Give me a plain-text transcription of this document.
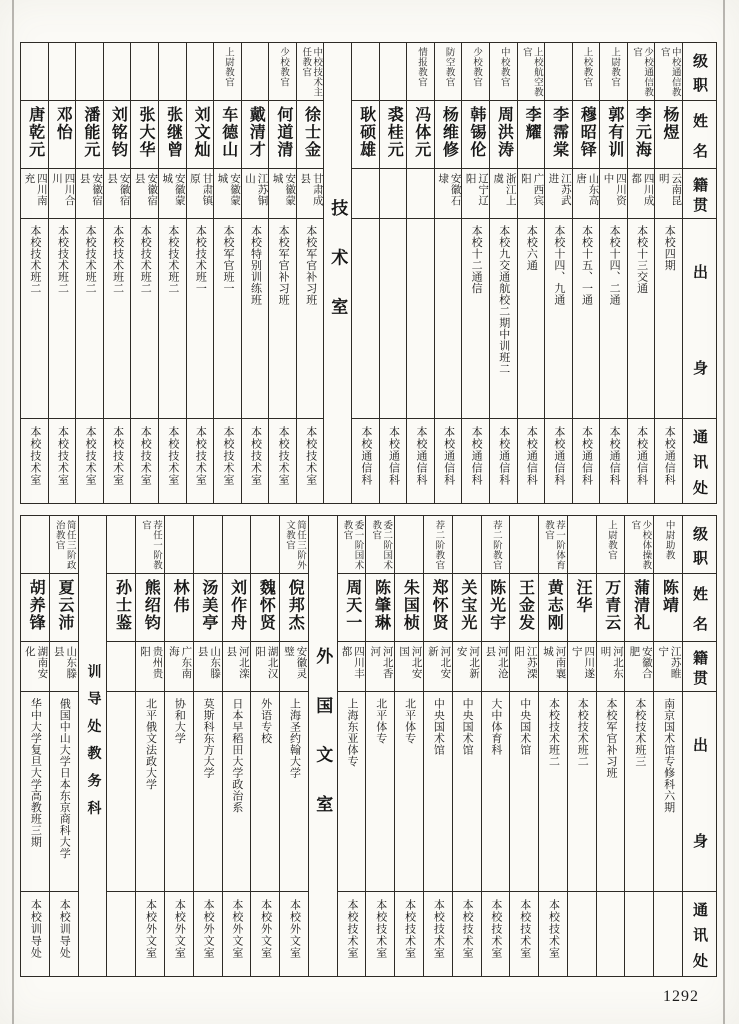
级
职
姓
名
籍
贯
出
身
通
讯
处
中校通信教官
杨煜
云南昆明
本校四期
本校通信科
少校通信教官
李元海
四川成都
本校十三交通
本校通信科
上尉教官
郭有训
四川资中
本校十四、二通
本校通信科
上校教官
穆昭铎
山东高唐
本校十五、一通
本校通信科
李霈棠
江苏武进
本校十四、九通
本校通信科
上校航空教官
李耀
广西宾阳
本校六通
本校通信科
中校教官
周洪涛
浙江上虞
本校九交通航校二期中训班二
本校通信科
少校教官
韩锡伦
辽宁辽阳
本校十二通信
本校通信科
防空教官
杨维修
安徽石埭
本校通信科
情报教官
冯体元
本校通信科
裘桂元
本校通信科
耿硕雄
本校通信科
技术室
中校技术主任教官
徐士金
甘肃成县
本校军官补习班
本校技术室
少校教官
何道清
安徽蒙城
本校军官补习班
本校技术室
戴清才
江苏铜山
本校特别训练班
本校技术室
上尉教官
车德山
安徽蒙城
本校军官班一
本校技术室
刘文灿
甘肃镇原
本校技术班一
本校技术室
张继曾
安徽蒙城
本校技术班二
本校技术室
张大华
安徽宿县
本校技术班二
本校技术室
刘铭钧
安徽宿县
本校技术班二
本校技术室
潘能元
安徽宿县
本校技术班二
本校技术室
邓怡
四川合川
本校技术班二
本校技术室
唐乾元
四川南充
本校技术班二
本校技术室
级
职
姓
名
籍
贯
出
身
通
讯
处
中尉助教
陈靖
江苏睢宁
南京国术馆专修科六期
少校体操教官
蒲清礼
安徽合肥
本校技术班三
上尉教官
万青云
河北东明
本校军官补习班
汪华
四川遂宁
本校技术班二
荐一阶体育教官
黄志刚
河南襄城
本校技术班二
本校技术室
王金发
江苏溧阳
中央国术馆
本校技术室
荐二阶教官
陈光宇
河北沧县
大中体育科
本校技术室
关宝光
河北新安
中央国术馆
本校技术室
荐二阶教官
郑怀贤
河北安新
中央国术馆
本校技术室
朱国桢
河北安国
北平体专
本校技术室
委二阶国术教官
陈肇琳
河北香河
北平体专
本校技术室
委一阶国术教官
周天一
四川丰都
上海东亚体专
本校技术室
外国文室
简任三阶外文教官
倪邦杰
安徽灵璧
上海圣约翰大学
本校外文室
魏怀贤
湖北汉阳
外语专校
本校外文室
刘作舟
河北滦县
日本早稻田大学政治系
本校外文室
汤美亭
山东滕县
莫斯科东方大学
本校外文室
林伟
广东南海
协和大学
本校外文室
荐任一阶教官
熊绍钧
贵州贵阳
北平俄文法政大学
本校外文室
孙士鉴
训导处教务科
简任三阶政治教官
夏云沛
山东滕县
俄国中山大学日本东京商科大学
本校训导处
胡养锋
湖南安化
华中大学复旦大学高教班三期
本校训导处
1292
